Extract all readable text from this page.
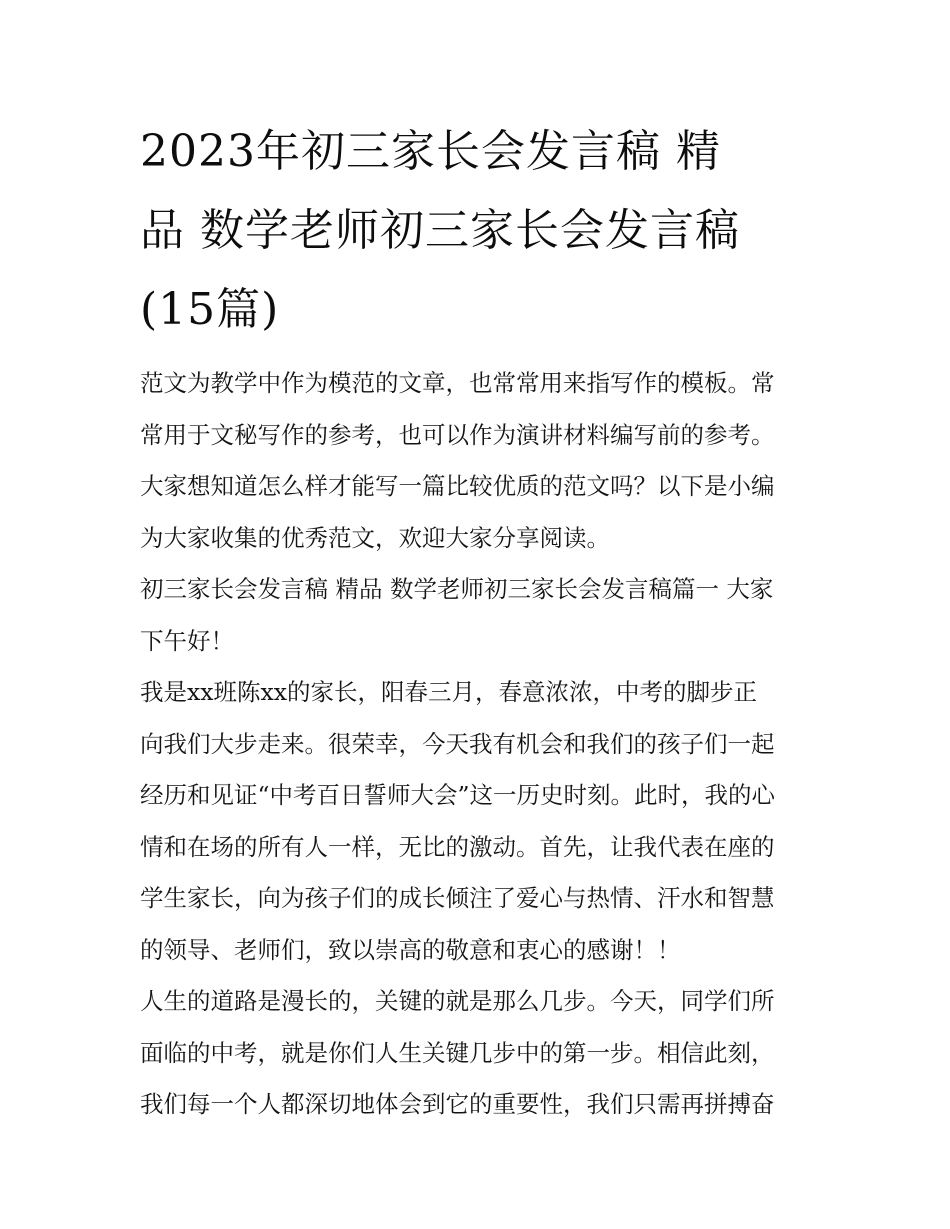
2023年初三家长会发言稿 精
品 数学老师初三家长会发言稿
(15篇)

范文为教学中作为模范的文章，也常常用来指写作的模板。常
常用于文秘写作的参考，也可以作为演讲材料编写前的参考。
大家想知道怎么样才能写一篇比较优质的范文吗？以下是小编
为大家收集的优秀范文，欢迎大家分享阅读。

初三家长会发言稿 精品 数学老师初三家长会发言稿篇一 大家
下午好！

我是xx班陈xx的家长，阳春三月，春意浓浓，中考的脚步正
向我们大步走来。很荣幸，今天我有机会和我们的孩子们一起
经历和见证“中考百日誓师大会”这一历史时刻。此时，我的心
情和在场的所有人一样，无比的激动。首先，让我代表在座的
学生家长，向为孩子们的成长倾注了爱心与热情、汗水和智慧
的领导、老师们，致以崇高的敬意和衷心的感谢！！

人生的道路是漫长的，关键的就是那么几步。今天，同学们所
面临的中考，就是你们人生关键几步中的第一步。相信此刻，
我们每一个人都深切地体会到它的重要性，我们只需再拼搏奋
